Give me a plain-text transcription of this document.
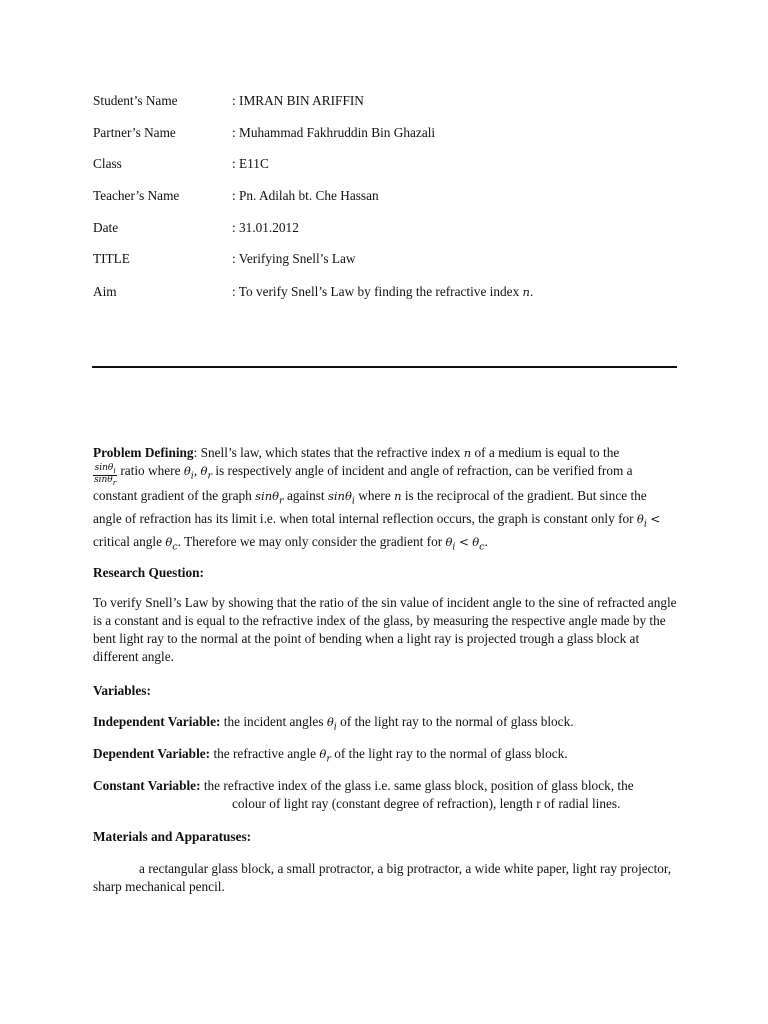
Student’s Name	: IMRAN BIN ARIFFIN
Partner’s Name	: Muhammad Fakhruddin Bin Ghazali
Class	: E11C
Teacher’s Name	: Pn. Adilah bt. Che Hassan
Date	: 31.01.2012
TITLE	: Verifying Snell’s Law
Aim	: To verify Snell’s Law by finding the refractive index n.
Problem Defining: Snell’s law, which states that the refractive index n of a medium is equal to the

$\frac{\sin\theta_i}{\sin\theta_r}$ ratio where $\theta_i$, $\theta_r$ is respectively angle of incident and angle of refraction, can be verified from a constant gradient of the graph sinθ$_r$ against sinθ$_i$ where n is the reciprocal of the gradient. But since the angle of refraction has its limit i.e. when total internal reflection occurs, the graph is constant only for $\theta_i$ < critical angle $\theta_c$. Therefore we may only consider the gradient for $\theta_i < \theta_c$.
Research Question:
To verify Snell’s Law by showing that the ratio of the sin value of incident angle to the sine of refracted angle is a constant and is equal to the refractive index of the glass, by measuring the respective angle made by the bent light ray to the normal at the point of bending when a light ray is projected trough a glass block at different angle.
Variables:
Independent Variable: the incident angles $\theta_i$ of the light ray to the normal of glass block.
Dependent Variable: the refractive angle $\theta_r$ of the light ray to the normal of glass block.
Constant Variable: the refractive index of the glass i.e. same glass block, position of glass block, the
colour of light ray (constant degree of refraction), length r of radial lines.
Materials and Apparatuses:
a rectangular glass block, a small protractor, a big protractor, a wide white paper, light ray projector, sharp mechanical pencil.
